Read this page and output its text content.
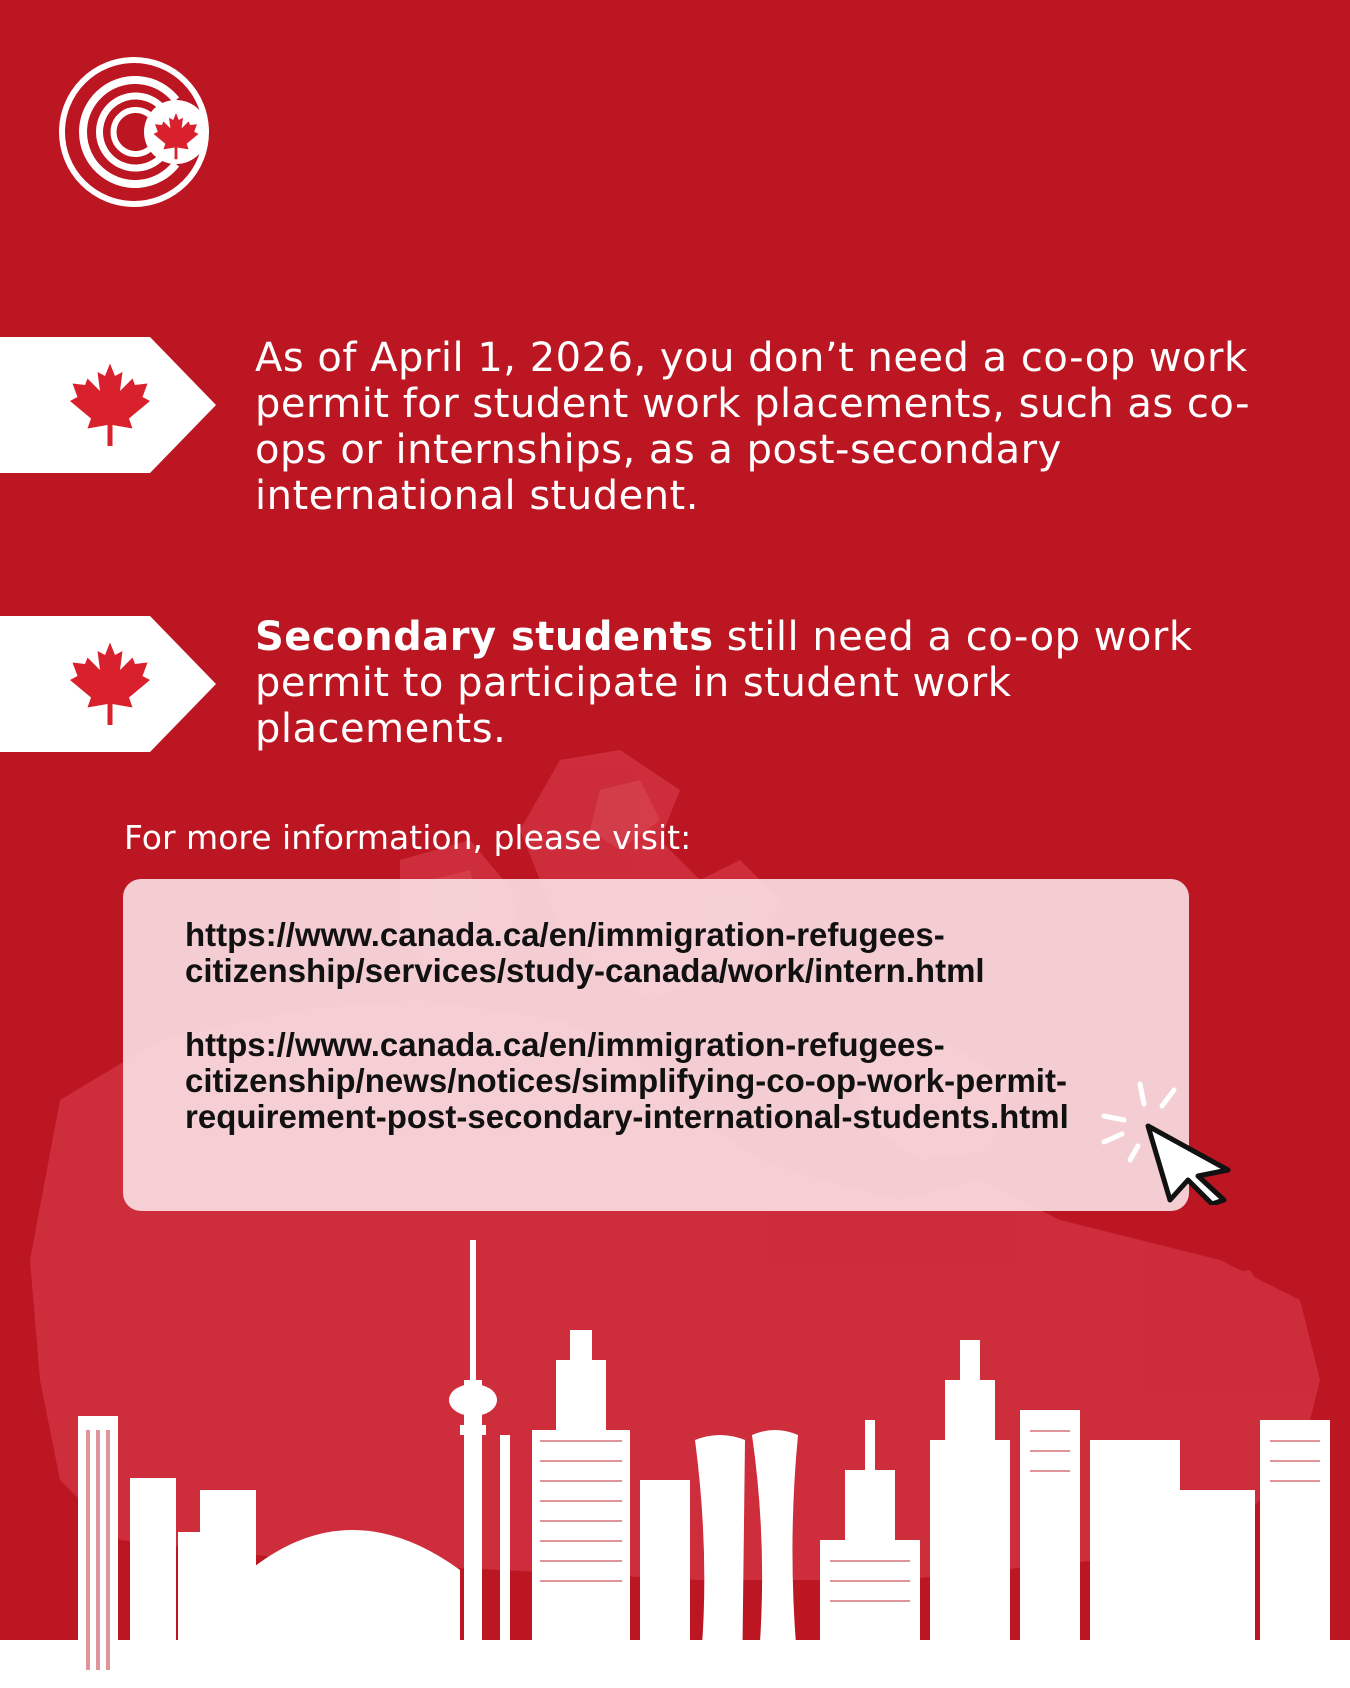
As of April 1, 2026, you don’t need a co-op work permit for student work placements, such as co-ops or internships, as a post-secondary international student.

Secondary students still need a co-op work permit to participate in student work placements.

For more information, please visit:

https://www.canada.ca/en/immigration-refugees-citizenship/services/study-canada/work/intern.html
https://www.canada.ca/en/immigration-refugees-citizenship/news/notices/simplifying-co-op-work-permit-requirement-post-secondary-international-students.html
